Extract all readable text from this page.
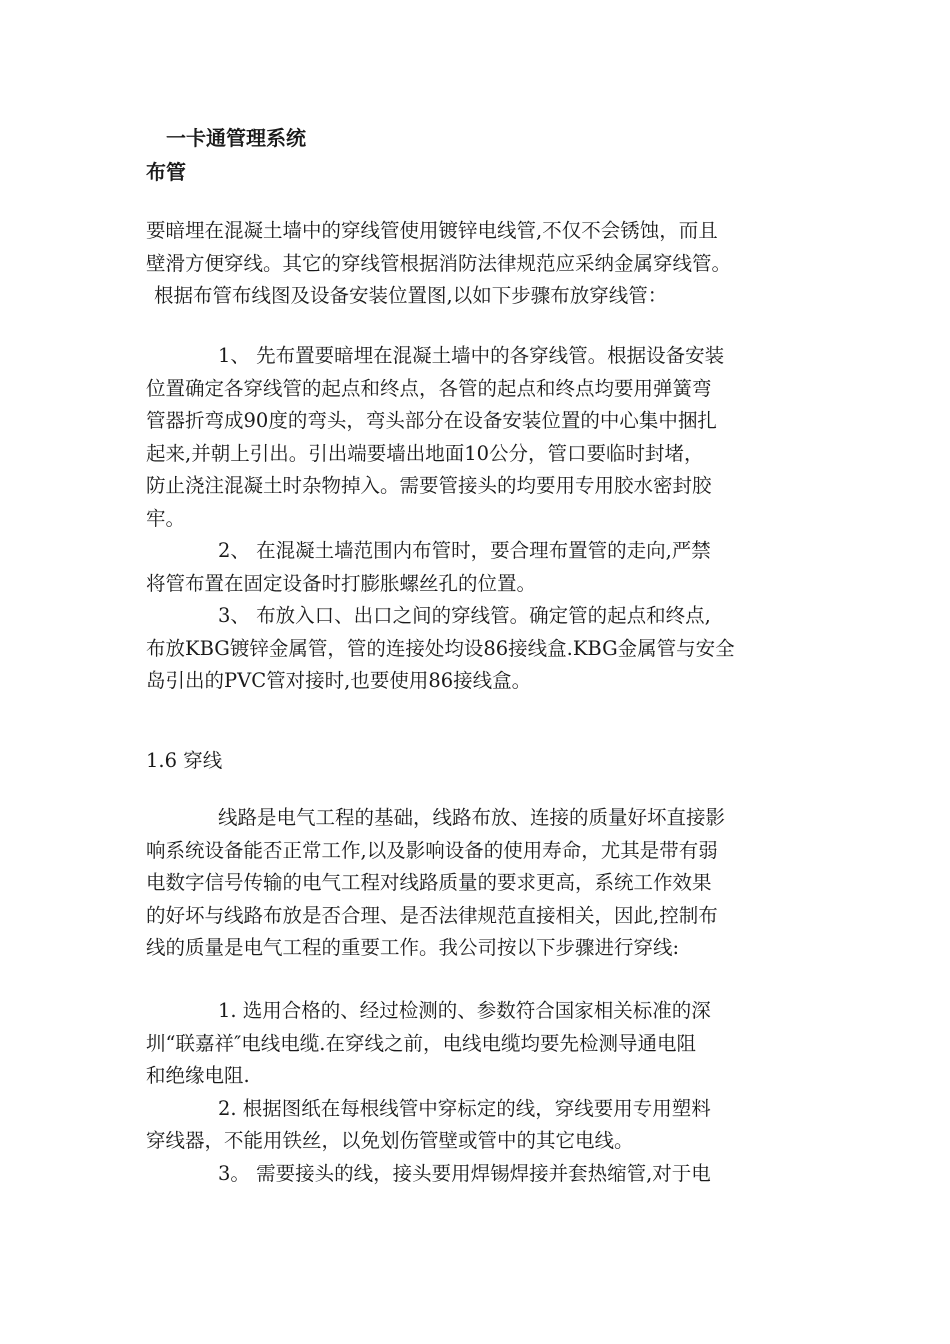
一卡通管理系统
布管
要暗埋在混凝土墙中的穿线管使用镀锌电线管,不仅不会锈蚀，而且
壁滑方便穿线。其它的穿线管根据消防法律规范应采纳金属穿线管。
根据布管布线图及设备安装位置图,以如下步骤布放穿线管：
1、 先布置要暗埋在混凝土墙中的各穿线管。根据设备安装
位置确定各穿线管的起点和终点，各管的起点和终点均要用弹簧弯
管器折弯成90度的弯头，弯头部分在设备安装位置的中心集中捆扎
起来,并朝上引出。引出端要墙出地面10公分，管口要临时封堵，
防止浇注混凝土时杂物掉入。需要管接头的均要用专用胶水密封胶
牢。
2、 在混凝土墙范围内布管时，要合理布置管的走向,严禁
将管布置在固定设备时打膨胀螺丝孔的位置。
3、 布放入口、出口之间的穿线管。确定管的起点和终点,
布放KBG镀锌金属管，管的连接处均设86接线盒.KBG金属管与安全
岛引出的PVC管对接时,也要使用86接线盒。
1.6 穿线
线路是电气工程的基础，线路布放、连接的质量好坏直接影
响系统设备能否正常工作,以及影响设备的使用寿命，尤其是带有弱
电数字信号传输的电气工程对线路质量的要求更高，系统工作效果
的好坏与线路布放是否合理、是否法律规范直接相关，因此,控制布
线的质量是电气工程的重要工作。我公司按以下步骤进行穿线:
1. 选用合格的、经过检测的、参数符合国家相关标准的深
圳“联嘉祥″电线电缆.在穿线之前，电线电缆均要先检测导通电阻
和绝缘电阻.
2. 根据图纸在每根线管中穿标定的线，穿线要用专用塑料
穿线器，不能用铁丝，以免划伤管壁或管中的其它电线。
3。 需要接头的线，接头要用焊锡焊接并套热缩管,对于电
